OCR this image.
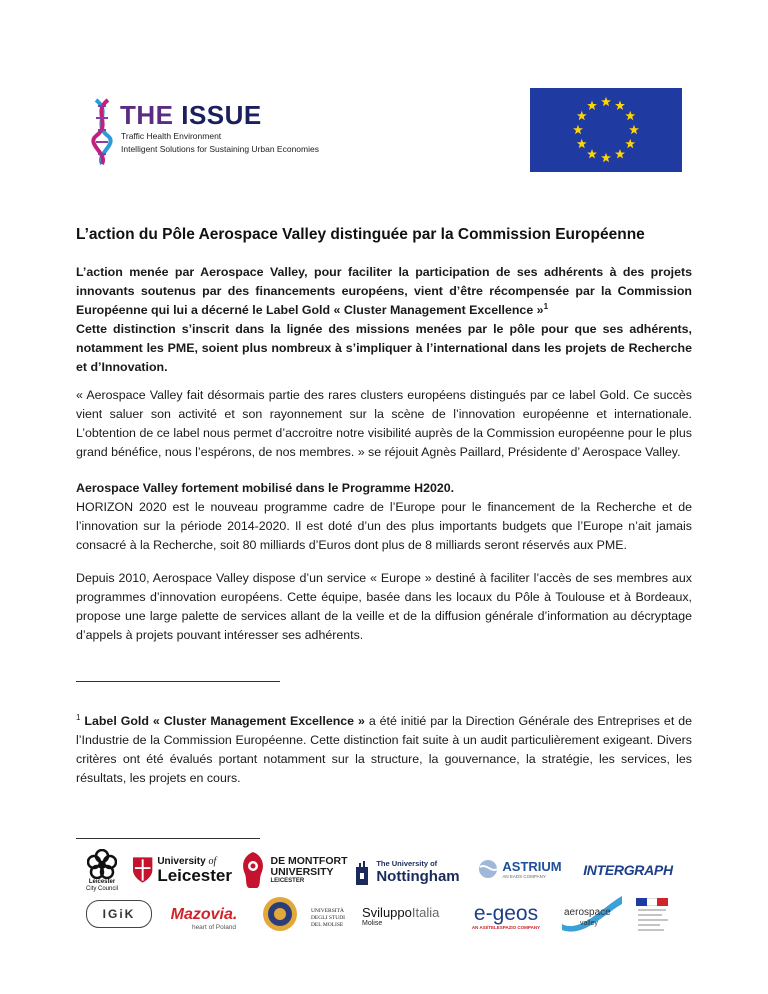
THE ISSUE
Traffic Health Environment
Intelligent Solutions for Sustaining Urban Economies
L’action du Pôle Aerospace Valley distinguée par la Commission Européenne

L’action menée par Aerospace Valley, pour faciliter la participation de ses adhérents à des projets innovants soutenus par des financements européens, vient d’être récompensée par la Commission Européenne qui lui a décerné le Label Gold « Cluster Management Excellence »$^1$

Cette distinction s’inscrit dans la lignée des missions menées par le pôle pour que ses adhérents, notamment les PME, soient plus nombreux à s’impliquer à l’international dans les projets de Recherche et d’Innovation.

« Aerospace Valley fait désormais partie des rares clusters européens distingués par ce label Gold. Ce succès vient saluer son activité et son rayonnement sur la scène de l’innovation européenne et internationale. L’obtention de ce label nous permet d’accroitre notre visibilité auprès de la Commission européenne pour le plus grand bénéfice, nous l’espérons, de nos membres. » se réjouit Agnès Paillard, Présidente d’ Aerospace Valley.

Aerospace Valley fortement mobilisé dans le Programme H2020.

HORIZON 2020 est le nouveau programme cadre de l’Europe pour le financement de la Recherche et de l’innovation sur la période 2014-2020. Il est doté d’un des plus importants budgets que l’Europe n’ait jamais consacré à la Recherche, soit 80 milliards d’Euros dont plus de 8 milliards seront réservés aux PME.

Depuis 2010, Aerospace Valley dispose d’un service « Europe » destiné à faciliter l’accès de ses membres aux programmes d’innovation européens. Cette équipe, basée dans les locaux du Pôle à Toulouse et à Bordeaux, propose une large palette de services allant de la veille et de la diffusion générale d’information au décryptage d’appels à projets pouvant intéresser ses adhérents.

$^1$ Label Gold « Cluster Management Excellence » a été initié par la Direction Générale des Entreprises et de l’Industrie de la Commission Européenne. Cette distinction fait suite à un audit particulièrement exigeant. Divers critères ont été évalués portant notamment sur la structure, la gouvernance, la stratégie, les services, les résultats, les projets en cours.

Leicester
City Council
University of
Leicester
DE MONTFORT
UNIVERSITY
LEICESTER
The University of
Nottingham
ASTRIUM
AN EADS COMPANY	INTERGRAPH
IGiK Mazovia.
heart of Poland
UNIVERSITÀ
DEGLI STUDI
DEL MOLISE
SviluppoItalia
Molise	e-geos
AN ASI/TELESPAZIO COMPANY
aerospace
valley
